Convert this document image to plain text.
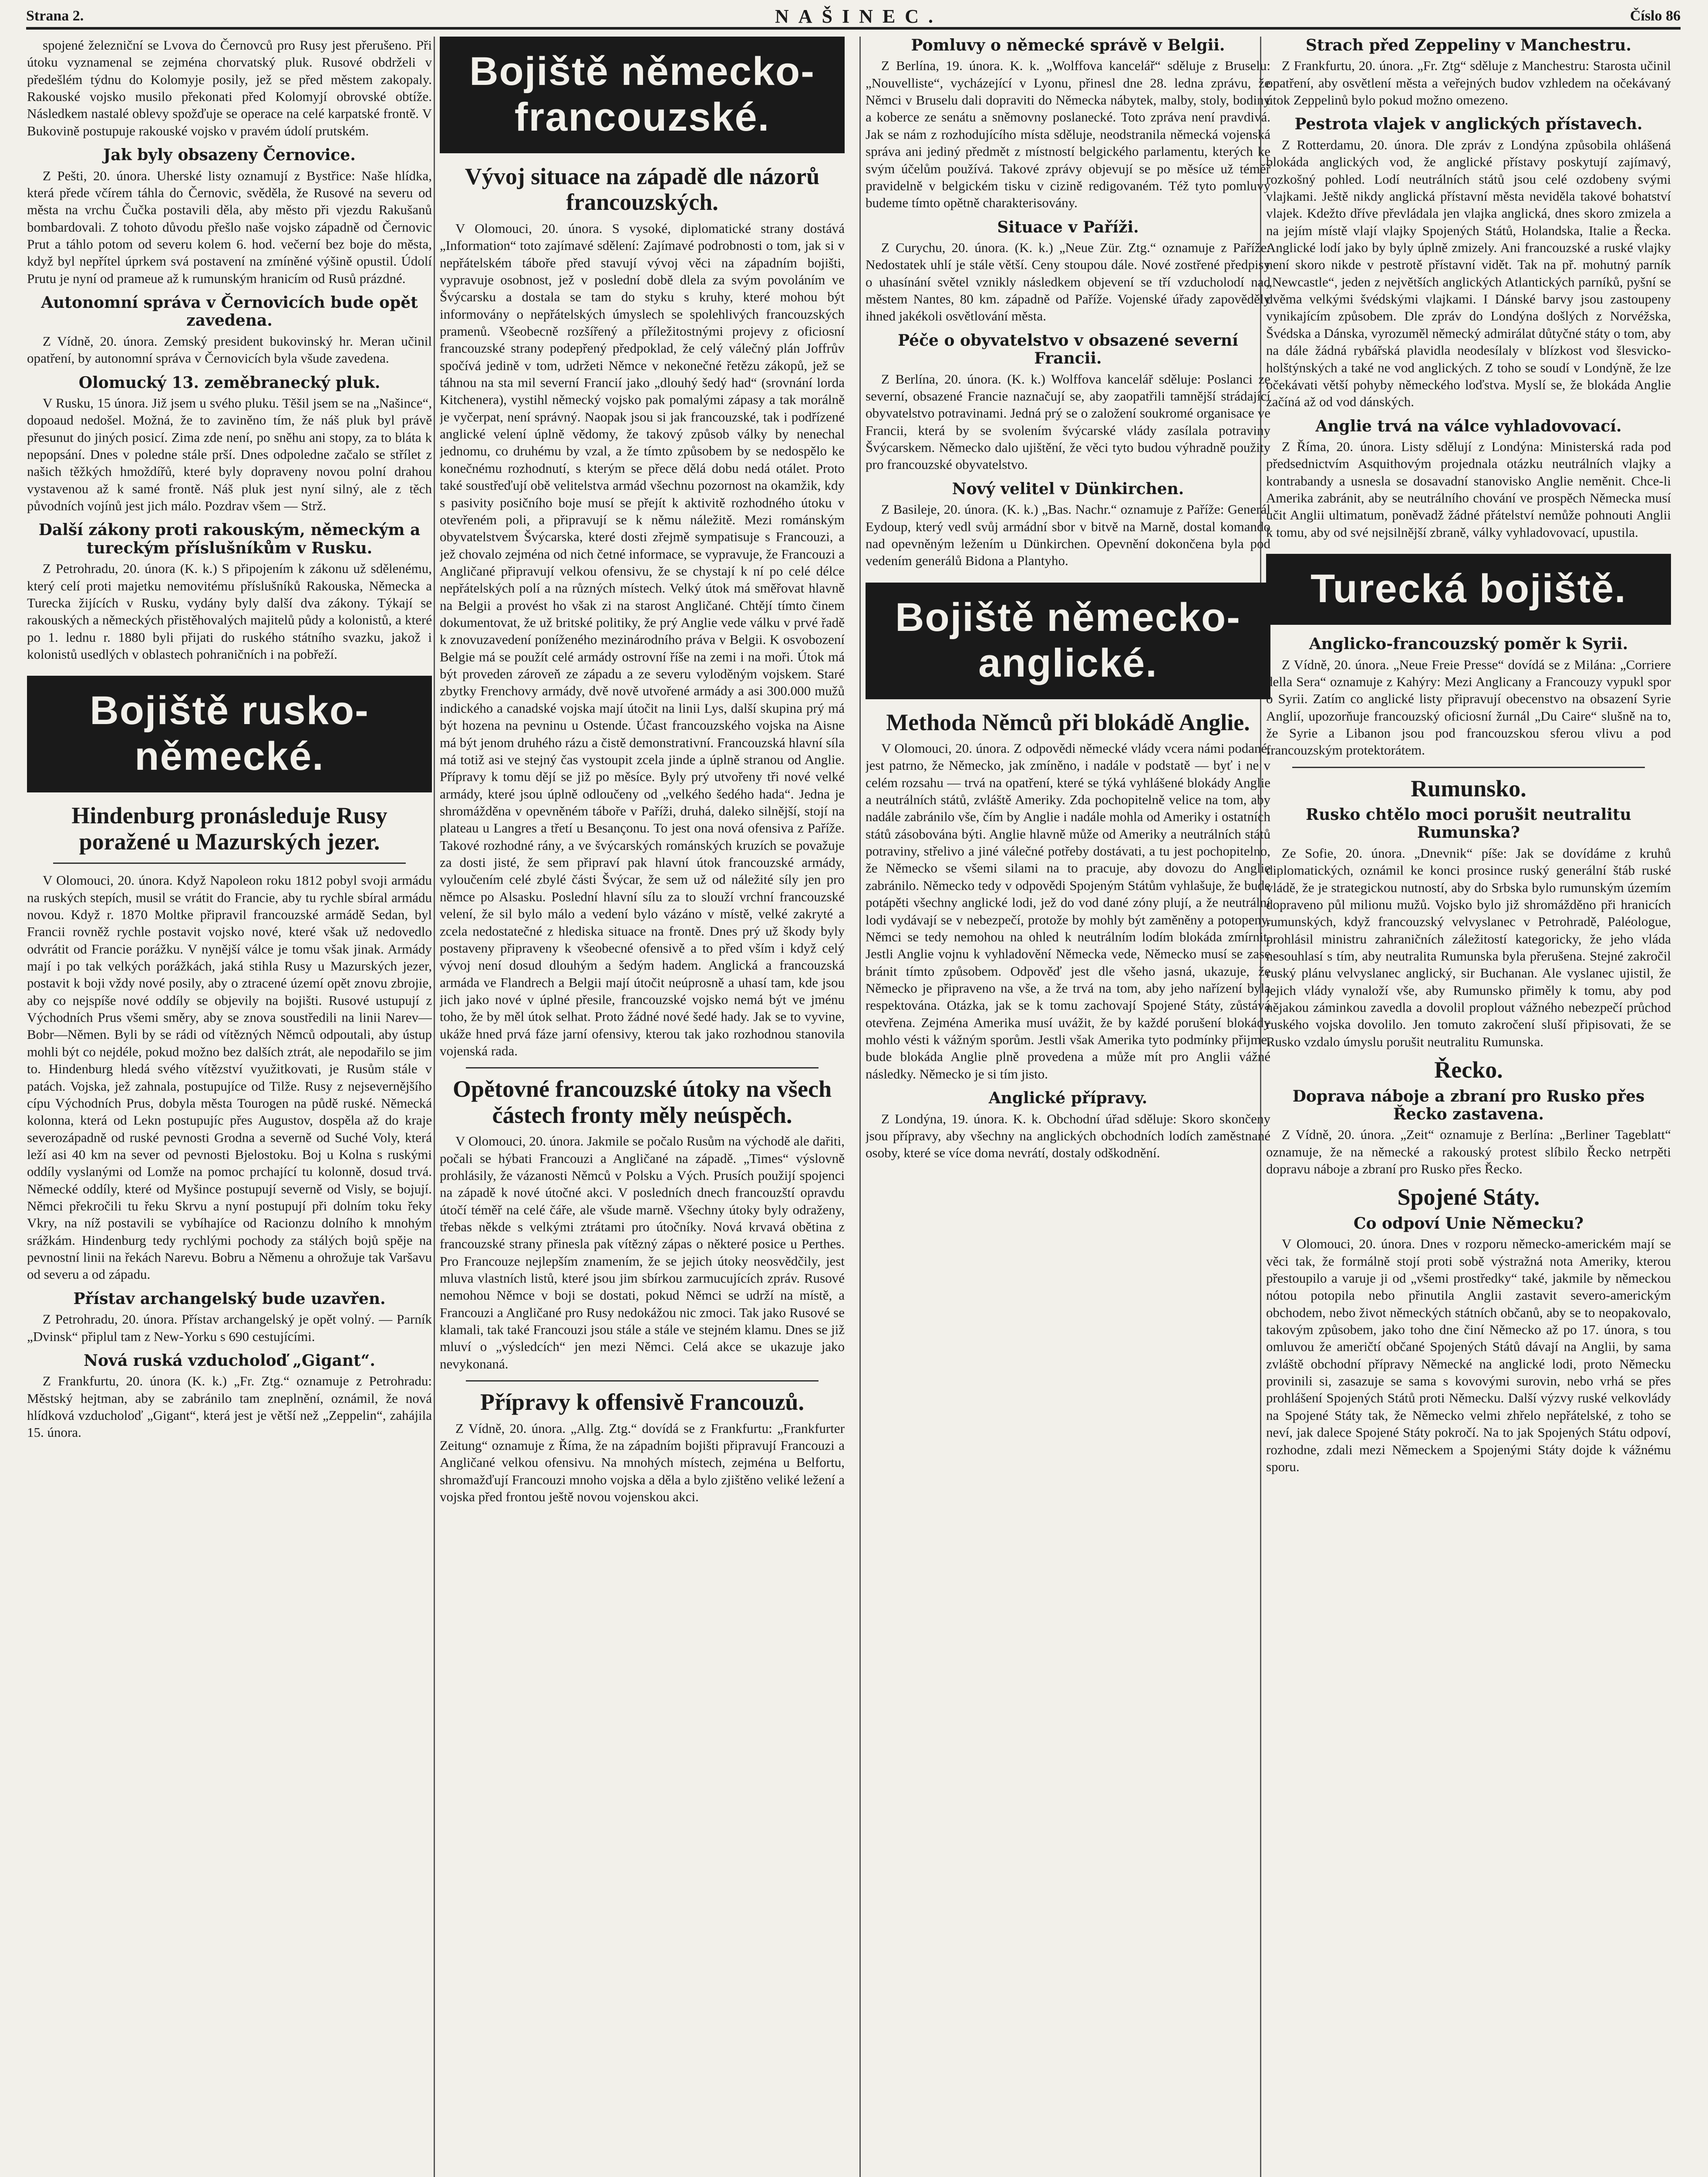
Strana 2.	NAŠINEC.	Číslo 86

spojené železniční se Lvova do Černovců pro Rusy jest přerušeno. Při útoku vyznamenal se zejména chorvatský pluk. Rusové obdrželi v předešlém týdnu do Kolomyje posily, jež se před městem zakopaly. Rakouské vojsko musilo překonati před Kolomyjí obrovské obtíže. Následkem nastalé oblevy spožďuje se operace na celé karpatské frontě. V Bukovině postupuje rakouské vojsko v pravém údolí prutském.

Jak byly obsazeny Černovice.

Z Pešti, 20. února. Uherské listy oznamují z Bystřice: Naše hlídka, která přede včírem táhla do Černovic, svěděla, že Rusové na severu od města na vrchu Čučka postavili děla, aby město při vjezdu Rakušanů bombardovali. Z tohoto důvodu přešlo naše vojsko západně od Černovic Prut a táhlo potom od severu kolem 6. hod. večerní bez boje do města, když byl nepřítel úprkem svá postavení na zmíněné výšině opustil. Údolí Prutu je nyní od prameue až k rumunským hranicím od Rusů prázdné.

Autonomní správa v Černovicích bude opět zavedena.

Z Vídně, 20. února. Zemský president bukovinský hr. Meran učinil opatření, by autonomní správa v Černovicích byla všude zavedena.

Olomucký 13. zeměbranecký pluk.

V Rusku, 15 února. Již jsem u svého pluku. Těšil jsem se na „Našince“, dopoaud nedošel. Možná, že to zaviněno tím, že náš pluk byl právě přesunut do jiných posicí. Zima zde není, po sněhu ani stopy, za to bláta k nepopsání. Dnes v poledne stále prší. Dnes odpoledne začalo se střílet z našich těžkých hmoždířů, které byly dopraveny novou polní drahou vystavenou až k samé frontě. Náš pluk jest nyní silný, ale z těch původních vojínů jest jich málo. Pozdrav všem — Strž.

Další zákony proti rakouským, německým a tureckým příslušníkům v Rusku.

Z Petrohradu, 20. února (K. k.) S připojením k zákonu už sdělenému, který celí proti majetku nemovitému příslušníků Rakouska, Německa a Turecka žijících v Rusku, vydány byly další dva zákony. Týkají se rakouských a německých přistěhovalých majitelů půdy a kolonistů, a které po 1. lednu r. 1880 byli přijati do ruského státního svazku, jakož i kolonistů usedlých v oblastech pohraničních i na pobřeží.

Bojiště rusko-německé.
Hindenburg pronásleduje Rusy poražené u Mazurských jezer.

V Olomouci, 20. února. Když Napoleon roku 1812 pobyl svoji armádu na ruských stepích, musil se vrátit do Francie, aby tu rychle sbíral armádu novou. Když r. 1870 Moltke připravil francouzské armádě Sedan, byl Francii rovněž rychle postavit vojsko nové, které však už nedovedlo odvrátit od Francie porážku. V nynější válce je tomu však jinak. Armády mají i po tak velkých porážkách, jaká stihla Rusy u Mazurských jezer, postavit k boji vždy nové posily, aby o ztracené území opět znovu zbrojie, aby co nejspíše nové oddíly se objevily na bojišti. Rusové ustupují z Východních Prus všemi směry, aby se znova soustředili na linii Narev—Bobr—Němen. Byli by se rádi od vítězných Němců odpoutali, aby ústup mohli být co nejdéle, pokud možno bez dalších ztrát, ale nepodařilo se jim to. Hindenburg hledá svého vítězství využitkovati, je Rusům stále v patách. Vojska, jež zahnala, postupujíce od Tilže. Rusy z nejsevernějšího cípu Východních Prus, dobyla města Tourogen na půdě ruské. Německá kolonna, která od Lekn postupujíc přes Augustov, dospěla až do kraje severozápadně od ruské pevnosti Grodna a severně od Suché Voly, která leží asi 40 km na sever od pevnosti Bjelostoku. Boj u Kolna s ruskými oddíly vyslanými od Lomže na pomoc prchající tu kolonně, dosud trvá. Německé oddíly, které od Myšince postupují severně od Visly, se bojují. Němci překročili tu řeku Skrvu a nyní postupují při dolním toku řeky Vkry, na níž postavili se vybíhajíce od Racionzu dolního k mnohým srážkám. Hindenburg tedy rychlými pochody za stálých bojů spěje na pevnostní linii na řekách Narevu. Bobru a Němenu a ohrožuje tak Varšavu od severu a od západu.

Přístav archangelský bude uzavřen.

Z Petrohradu, 20. února. Přístav archangelský je opět volný. — Parník „Dvinsk“ připlul tam z New-Yorku s 690 cestujícími.

Nová ruská vzducholoď „Gigant“.

Z Frankfurtu, 20. února (K. k.) „Fr. Ztg.“ oznamuje z Petrohradu: Městský hejtman, aby se zabránilo tam zneplnění, oznámil, že nová hlídková vzducholoď „Gigant“, která jest je větší než „Zeppelin“, zahájila 15. února.

Bojiště německo-francouzské.
Vývoj situace na západě dle názorů francouzských.

V Olomouci, 20. února. S vysoké, diplomatické strany dostává „Information“ toto zajímavé sdělení: Zajímavé podrobnosti o tom, jak si v nepřátelském táboře před stavují vývoj věci na západním bojišti, vypravuje osobnost, jež v poslední době dlela za svým povoláním ve Švýcarsku a dostala se tam do styku s kruhy, které mohou být informovány o nepřátelských úmyslech se spolehlivých francouzských pramenů. Všeobecně rozšířený a příležitostnými projevy z oficiosní francouzské strany podepřený předpoklad, že celý válečný plán Joffrův spočívá jedině v tom, udržeti Němce v nekonečné řetězu zákopů, jež se táhnou na sta mil severní Francií jako „dlouhý šedý had“ (srovnání lorda Kitchenera), vystihl německý vojsko pak pomalými zápasy a tak morálně je vyčerpat, není správný. Naopak jsou si jak francouzské, tak i podřízené anglické velení úplně vědomy, že takový způsob války by nenechal jednomu, co druhému by vzal, a že tímto způsobem by se nedospělo ke konečnému rozhodnutí, s kterým se přece dělá dobu nedá otálet. Proto také soustřeďují obě velitelstva armád všechnu pozornost na okamžik, kdy s pasivity posičního boje musí se přejít k aktivitě rozhodného útoku v otevřeném poli, a připravují se k němu náležitě. Mezi románským obyvatelstvem Švýcarska, které dosti zřejmě sympatisuje s Francouzi, a jež chovalo zejména od nich četné informace, se vypravuje, že Francouzi a Angličané připravují velkou ofensivu, že se chystají k ní po celé délce nepřátelských polí a na různých místech. Velký útok má směřovat hlavně na Belgii a provést ho však zi na starost Angličané. Chtějí tímto činem dokumentovat, že už britské politiky, že prý Anglie vede válku v prvé řadě k znovuzavedení poníženého mezinárodního práva v Belgii. K osvobození Belgie má se použít celé armády ostrovní říše na zemi i na moři. Útok má být proveden zároveň ze západu a ze severu vyloděným vojskem. Staré zbytky Frenchovy armády, dvě nově utvořené armády a asi 300.000 mužů indického a canadské vojska mají útočit na linii Lys, další skupina prý má být hozena na pevninu u Ostende. Účast francouzského vojska na Aisne má být jenom druhého rázu a čistě demonstrativní. Francouzská hlavní síla má totiž asi ve stejný čas vystoupit zcela jinde a úplně stranou od Anglie. Přípravy k tomu dějí se již po měsíce. Byly prý utvořeny tři nové velké armády, které jsou úplně odloučeny od „velkého šedého hada“. Jedna je shromážděna v opevněném táboře v Paříži, druhá, daleko silnější, stojí na plateau u Langres a třetí u Besançonu. To jest ona nová ofensiva z Paříže. Takové rozhodné rány, a ve švýcarských románských kruzích se považuje za dosti jisté, že sem připraví pak hlavní útok francouzské armády, vyloučením celé zbylé části Švýcar, že sem už od náležité síly jen pro němce po Alsasku. Poslední hlavní sílu za to slouží vrchní francouzské velení, že sil bylo málo a vedení bylo vázáno v místě, velké zakryté a zcela nedostatečné z hlediska situace na frontě. Dnes prý už škody byly postaveny připraveny k všeobecné ofensivě a to před vším i když celý vývoj není dosud dlouhým a šedým hadem. Anglická a francouzská armáda ve Flandrech a Belgii mají útočit neúprosně a uhasí tam, kde jsou jich jako nové v úplné přesile, francouzské vojsko nemá být ve jménu toho, že by měl útok selhat. Proto žádné nové šedé hady. Jak se to vyvine, ukáže hned prvá fáze jarní ofensivy, kterou tak jako rozhodnou stanovila vojenská rada.

Opětovné francouzské útoky na všech částech fronty měly neúspěch.

V Olomouci, 20. února. Jakmile se počalo Rusům na východě ale dařiti, počali se hýbati Francouzi a Angličané na západě. „Times“ výslovně prohlásily, že vázanosti Němců v Polsku a Vých. Prusích použijí spojenci na západě k nové útočné akci. V posledních dnech francouzští opravdu útočí téměř na celé čáře, ale všude marně. Všechny útoky byly odraženy, třebas někde s velkými ztrátami pro útočníky. Nová krvavá obětina z francouzské strany přinesla pak vítězný zápas o některé posice u Perthes. Pro Francouze nejlepším znamením, že se jejich útoky neosvědčily, jest mluva vlastních listů, které jsou jim sbírkou zarmucujících zpráv. Rusové nemohou Němce v boji se dostati, pokud Němci se udrží na místě, a Francouzi a Angličané pro Rusy nedokážou nic zmoci. Tak jako Rusové se klamali, tak také Francouzi jsou stále a stále ve stejném klamu. Dnes se již mluví o „výsledcích“ jen mezi Němci. Celá akce se ukazuje jako nevykonaná.

Přípravy k offensivě Francouzů.

Z Vídně, 20. února. „Allg. Ztg.“ dovídá se z Frankfurtu: „Frankfurter Zeitung“ oznamuje z Říma, že na západním bojišti připravují Francouzi a Angličané velkou ofensivu. Na mnohých místech, zejména u Belfortu, shromažďují Francouzi mnoho vojska a děla a bylo zjištěno veliké ležení a vojska před frontou ještě novou vojenskou akci.

Pomluvy o německé správě v Belgii.

Z Berlína, 19. února. K. k. „Wolffova kancelář“ sděluje z Bruselu: „Nouvelliste“, vycházející v Lyonu, přinesl dne 28. ledna zprávu, že Němci v Bruselu dali dopraviti do Německa nábytek, malby, stoly, bodiny a koberce ze senátu a sněmovny poslanecké. Toto zpráva není pravdivá. Jak se nám z rozhodujícího místa sděluje, neodstranila německá vojenská správa ani jediný předmět z místností belgického parlamentu, kterých ke svým účelům používá. Takové zprávy objevují se po měsíce už téměř pravidelně v belgickém tisku v cizině redigovaném. Též tyto pomluvy budeme tímto opětně charakterisovány.

Situace v Paříži.

Z Curychu, 20. února. (K. k.) „Neue Zür. Ztg.“ oznamuje z Paříže: Nedostatek uhlí je stále větší. Ceny stoupou dále. Nové zostřené předpisy o uhasínání světel vznikly následkem objevení se tří vzducholodí nad městem Nantes, 80 km. západně od Paříže. Vojenské úřady zapověděly ihned jakékoli osvětlování města.

Péče o obyvatelstvo v obsazené severní Francii.

Z Berlína, 20. února. (K. k.) Wolffova kancelář sděluje: Poslanci ze severní, obsazené Francie naznačují se, aby zaopatřili tamnější strádající obyvatelstvo potravinami. Jedná prý se o založení soukromé organisace ve Francii, která by se svolením švýcarské vlády zasílala potraviny Švýcarskem. Německo dalo ujištění, že věci tyto budou výhradně použity pro francouzské obyvatelstvo.

Nový velitel v Dünkirchen.

Z Basileje, 20. února. (K. k.) „Bas. Nachr.“ oznamuje z Paříže: Generál Eydoup, který vedl svůj armádní sbor v bitvě na Marně, dostal komando nad opevněným ležením u Dünkirchen. Opevnění dokončena byla pod vedením generálů Bidona a Plantyho.

Bojiště německo-anglické.
Methoda Němců při blokádě Anglie.

V Olomouci, 20. února. Z odpovědi německé vlády vcera námi podané, jest patrno, že Německo, jak zmíněno, i nadále v podstatě — byť i ne v celém rozsahu — trvá na opatření, které se týká vyhlášené blokády Anglie a neutrálních států, zvláště Ameriky. Zda pochopitelně velice na tom, aby nadále zabránilo vše, čím by Anglie i nadále mohla od Ameriky i ostatních států zásobována býti. Anglie hlavně může od Ameriky a neutrálních států potraviny, střelivo a jiné válečné potřeby dostávati, a tu jest pochopitelno, že Německo se všemi silami na to pracuje, aby dovozu do Anglie zabránilo. Německo tedy v odpovědi Spojeným Státům vyhlašuje, že bude potápěti všechny anglické lodi, jež do vod dané zóny plují, a že neutrální lodi vydávají se v nebezpečí, protože by mohly být zaměněny a potopeny. Němci se tedy nemohou na ohled k neutrálním lodím blokáda zmírnit. Jestli Anglie vojnu k vyhladovění Německa vede, Německo musí se zase bránit tímto způsobem. Odpověď jest dle všeho jasná, ukazuje, že Německo je připraveno na vše, a že trvá na tom, aby jeho nařízení byla respektována. Otázka, jak se k tomu zachovají Spojené Státy, zůstává otevřena. Zejména Amerika musí uvážit, že by každé porušení blokády mohlo vésti k vážným sporům. Jestli však Amerika tyto podmínky přijme, bude blokáda Anglie plně provedena a může mít pro Anglii vážné následky. Německo je si tím jisto.

Anglické přípravy.

Z Londýna, 19. února. K. k. Obchodní úřad sděluje: Skoro skončeny jsou přípravy, aby všechny na anglických obchodních lodích zaměstnané osoby, které se více doma nevrátí, dostaly odškodnění.

Strach před Zeppeliny v Manchestru.

Z Frankfurtu, 20. února. „Fr. Ztg“ sděluje z Manchestru: Starosta učinil opatření, aby osvětlení města a veřejných budov vzhledem na očekávaný útok Zeppelinů bylo pokud možno omezeno.

Pestrota vlajek v anglických přístavech.

Z Rotterdamu, 20. února. Dle zpráv z Londýna způsobila ohlášená blokáda anglických vod, že anglické přístavy poskytují zajímavý, rozkošný pohled. Lodí neutrálních států jsou celé ozdobeny svými vlajkami. Ještě nikdy anglická přístavní města neviděla takové bohatství vlajek. Kdežto dříve převládala jen vlajka anglická, dnes skoro zmizela a na jejím místě vlají vlajky Spojených Států, Holandska, Italie a Řecka. Anglické lodí jako by byly úplně zmizely. Ani francouzské a ruské vlajky není skoro nikde v pestrotě přístavní vidět. Tak na př. mohutný parník „Newcastle“, jeden z největších anglických Atlantických parníků, pyšní se dvěma velkými švédskými vlajkami. I Dánské barvy jsou zastoupeny vynikajícím způsobem. Dle zpráv do Londýna došlých z Norvéžska, Švédska a Dánska, vyrozuměl německý admirálat důtyčné státy o tom, aby na dále žádná rybářská plavidla neodesílaly v blízkost vod šlesvicko-holštýnských a také ne vod anglických. Z toho se soudí v Londýně, že lze očekávati větší pohyby německého loďstva. Myslí se, že blokáda Anglie začíná až od vod dánských.

Anglie trvá na válce vyhladovovací.

Z Říma, 20. února. Listy sdělují z Londýna: Ministerská rada pod předsednictvím Asquithovým projednala otázku neutrálních vlajky a kontrabandy a usnesla se dosavadní stanovisko Anglie neměnit. Chce-li Amerika zabránit, aby se neutrálního chování ve prospěch Německa musí učit Anglii ultimatum, poněvadž žádné přátelství nemůže pohnouti Anglii k tomu, aby od své nejsilnější zbraně, války vyhladovovací, upustila.

Turecká bojiště.
Anglicko-francouzský poměr k Syrii.

Z Vídně, 20. února. „Neue Freie Presse“ dovídá se z Milána: „Corriere della Sera“ oznamuje z Kahýry: Mezi Anglicany a Francouzy vypukl spor o Syrii. Zatím co anglické listy připravují obecenstvo na obsazení Syrie Anglií, upozorňuje francouzský oficiosní žurnál „Du Caire“ slušně na to, že Syrie a Libanon jsou pod francouzskou sferou vlivu a pod francouzským protektorátem.

Rumunsko.
Rusko chtělo moci porušit neutralitu Rumunska?

Ze Sofie, 20. února. „Dnevnik“ píše: Jak se dovídáme z kruhů diplomatických, oznámil ke konci prosince ruský generální štáb ruské vládě, že je strategickou nutností, aby do Srbska bylo rumunským územím dopraveno půl milionu mužů. Vojsko bylo již shromážděno při hranicích rumunských, když francouzský velvyslanec v Petrohradě, Paléologue, prohlásil ministru zahraničních záležitostí kategoricky, že jeho vláda nesouhlasí s tím, aby neutralita Rumunska byla přerušena. Stejné zakročil ruský plánu velvyslanec anglický, sir Buchanan. Ale vyslanec ujistil, že jejich vlády vynaloží vše, aby Rumunsko přiměly k tomu, aby pod nějakou záminkou zavedla a dovolil proplout vážného nebezpečí průchod ruského vojska dovolilo. Jen tomuto zakročení sluší připisovati, že se Rusko vzdalo úmyslu porušit neutralitu Rumunska.

Řecko.
Doprava náboje a zbraní pro Rusko přes Řecko zastavena.

Z Vídně, 20. února. „Zeit“ oznamuje z Berlína: „Berliner Tageblatt“ oznamuje, že na německé a rakouský protest slíbilo Řecko netrpěti dopravu náboje a zbraní pro Rusko přes Řecko.

Spojené Státy.
Co odpoví Unie Německu?

V Olomouci, 20. února. Dnes v rozporu německo-americkém mají se věci tak, že formálně stojí proti sobě výstražná nota Ameriky, kterou přestoupilo a varuje ji od „všemi prostředky“ také, jakmile by německou nótou potopila nebo přinutila Anglii zastavit severo-americkým obchodem, nebo život německých státních občanů, aby se to neopakovalo, takovým způsobem, jako toho dne činí Německo až po 17. února, s tou omluvou že američtí občané Spojených Států dávají na Anglii, by sama zvláště obchodní přípravy Německé na anglické lodi, proto Německu provinili si, zasazuje se sama s kovovými surovin, nebo vrhá se přes prohlášení Spojených Států proti Německu. Další výzvy ruské velkovlády na Spojené Státy tak, že Německo velmi zhřelo nepřátelské, z toho se neví, jak dalece Spojené Státy pokročí. Na to jak Spojených Státu odpoví, rozhodne, zdali mezi Německem a Spojenými Státy dojde k vážnému sporu.
